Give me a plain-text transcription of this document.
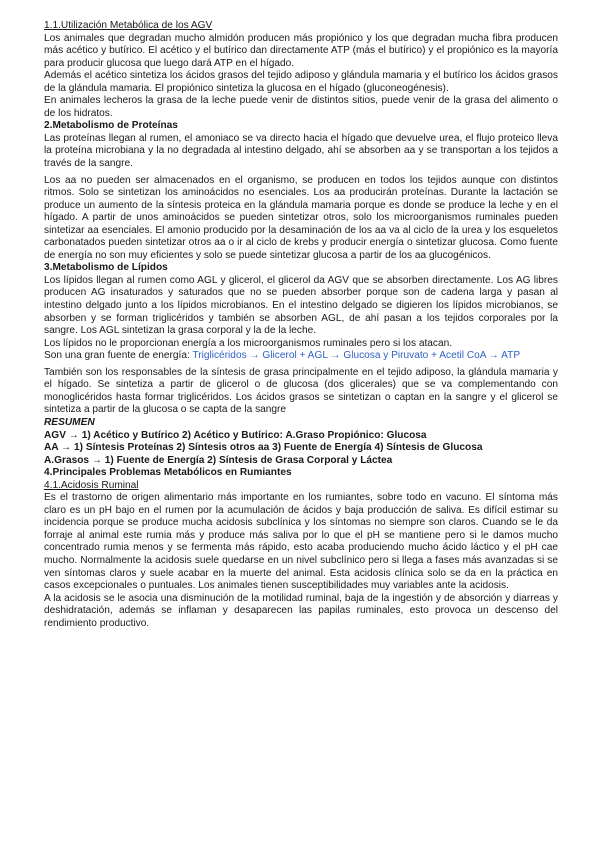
1.1.Utilización Metabólica de los AGV

Los animales que degradan mucho almidón producen más propiónico y los que degradan mucha fibra producen más acético y butírico. El acético y el butírico dan directamente ATP (más el butírico) y el propiónico es la mayoría para producir glucosa que luego dará ATP en el hígado.

Además el acético sintetiza los ácidos grasos del tejido adiposo y glándula mamaria y el butírico los ácidos grasos de la glándula mamaria. El propiónico sintetiza la glucosa en el hígado (gluconeogénesis).

En animales lecheros la grasa de la leche puede venir de distintos sitios, puede venir de la grasa del alimento o de los hidratos.

2.Metabolismo de Proteínas

Las proteínas llegan al rumen, el amoniaco se va directo hacia el hígado que devuelve urea, el flujo proteico lleva la proteína microbiana y la no degradada al intestino delgado, ahí se absorben aa y se transportan a los tejidos a través de la sangre.

Los aa no pueden ser almacenados en el organismo, se producen en todos los tejidos aunque con distintos ritmos. Solo se sintetizan los aminoácidos no esenciales. Los aa producirán proteínas. Durante la lactación se produce un aumento de la síntesis proteica en la glándula mamaria porque es donde se produce la leche y en el hígado. A partir de unos aminoácidos se pueden sintetizar otros, solo los microorganismos ruminales pueden sintetizar aa esenciales. El amonio producido por la desaminación de los aa va al ciclo de la urea y los esqueletos carbonatados pueden sintetizar otros aa o ir al ciclo de krebs y producir energía o sintetizar glucosa. Como fuente de energía no son muy eficientes y solo se puede sintetizar glucosa a partir de los aa glucogénicos.

3.Metabolismo de Lípidos

Los lípidos llegan al rumen como AGL y glicerol, el glicerol da AGV que se absorben directamente. Los AG libres producen AG insaturados y saturados que no se pueden absorber porque son de cadena larga y pasan al intestino delgado junto a los lípidos microbianos. En el intestino delgado se digieren los lípidos microbianos, se absorben y se forman triglicéridos y también se absorben AGL, de ahí pasan a los tejidos corporales por la sangre. Los AGL sintetizan la grasa corporal y la de la leche.

Los lípidos no le proporcionan energía a los microorganismos ruminales pero si los atacan.

Son una gran fuente de energía: Triglicéridos → Glicerol + AGL → Glucosa y Piruvato + Acetil CoA → ATP

También son los responsables de la síntesis de grasa principalmente en el tejido adiposo, la glándula mamaria y el hígado. Se sintetiza a partir de glicerol o de glucosa (dos glicerales) que se va complementando con monoglicéridos hasta formar triglicéridos. Los ácidos grasos se sintetizan o captan en la sangre y el glicerol se sintetiza a partir de la glucosa o se capta de la sangre

RESUMEN

AGV → 1) Acético y Butírico 2) Acético y Butírico: A.Graso Propiónico: Glucosa

AA → 1) Síntesis Proteínas 2) Síntesis otros aa 3) Fuente de Energía 4) Síntesis de Glucosa

A.Grasos → 1) Fuente de Energía 2) Síntesis de Grasa Corporal y Láctea

4.Principales Problemas Metabólicos en Rumiantes

4.1.Acidosis Ruminal

Es el trastorno de origen alimentario más importante en los rumiantes, sobre todo en vacuno. El síntoma más claro es un pH bajo en el rumen por la acumulación de ácidos y baja producción de saliva. Es difícil estimar su incidencia porque se produce mucha acidosis subclínica y los síntomas no siempre son claros. Cuando se le da forraje al animal este rumia más y produce más saliva por lo que el pH se mantiene pero si le damos mucho concentrado rumia menos y se fermenta más rápido, esto acaba produciendo mucho ácido láctico y el pH cae mucho. Normalmente la acidosis suele quedarse en un nivel subclínico pero si llega a fases más avanzadas si se ven síntomas claros y suele acabar en la muerte del animal. Esta acidosis clínica solo se da en la práctica en casos excepcionales o puntuales. Los animales tienen susceptibilidades muy variables ante la acidosis.

A la acidosis se le asocia una disminución de la motilidad ruminal, baja de la ingestión y de absorción y diarreas y deshidratación, además se inflaman y desaparecen las papilas ruminales, esto provoca un descenso del rendimiento productivo.
